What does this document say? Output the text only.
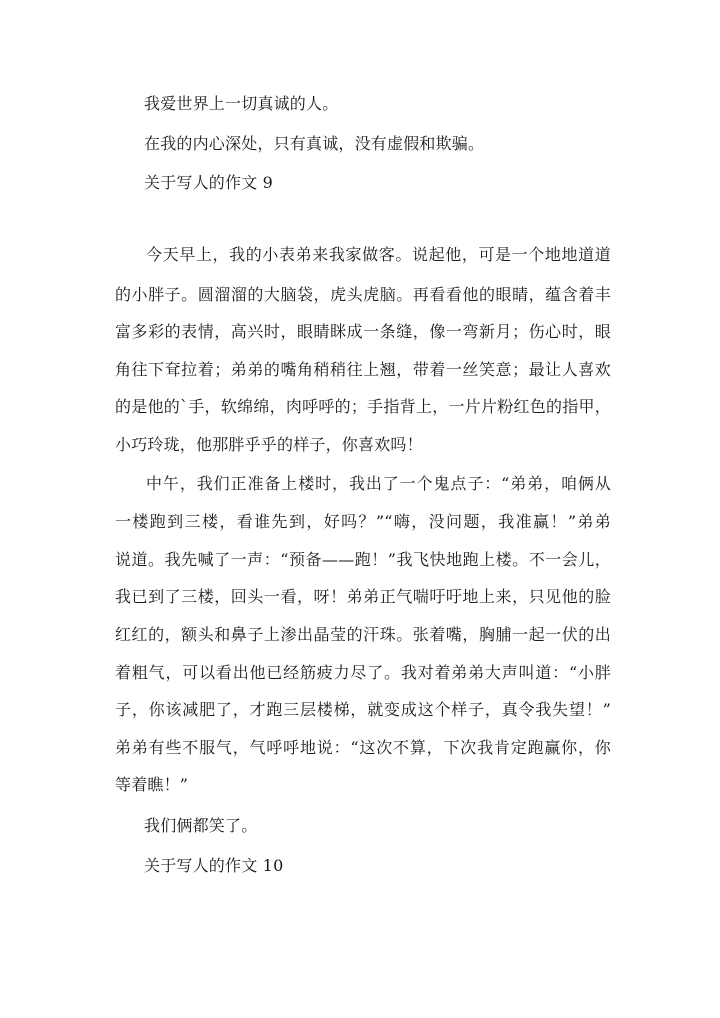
我爱世界上一切真诚的人。
在我的内心深处，只有真诚，没有虚假和欺骗。
关于写人的作文 9
今天早上，我的小表弟来我家做客。说起他，可是一个地地道道
的小胖子。圆溜溜的大脑袋，虎头虎脑。再看看他的眼睛，蕴含着丰
富多彩的表情，高兴时，眼睛眯成一条缝，像一弯新月；伤心时，眼
角往下耷拉着；弟弟的嘴角稍稍往上翘，带着一丝笑意；最让人喜欢
的是他的`手，软绵绵，肉呼呼的；手指背上，一片片粉红色的指甲，
小巧玲珑，他那胖乎乎的样子，你喜欢吗！
中午，我们正准备上楼时，我出了一个鬼点子：“弟弟，咱俩从
一楼跑到三楼，看谁先到，好吗？”“嗨，没问题，我准赢！”弟弟
说道。我先喊了一声：“预备——跑！”我飞快地跑上楼。不一会儿，
我已到了三楼，回头一看，呀！弟弟正气喘吁吁地上来，只见他的脸
红红的，额头和鼻子上渗出晶莹的汗珠。张着嘴，胸脯一起一伏的出
着粗气，可以看出他已经筋疲力尽了。我对着弟弟大声叫道：“小胖
子，你该减肥了，才跑三层楼梯，就变成这个样子，真令我失望！”
弟弟有些不服气，气呼呼地说：“这次不算，下次我肯定跑赢你，你
等着瞧！”
我们俩都笑了。
关于写人的作文 10
